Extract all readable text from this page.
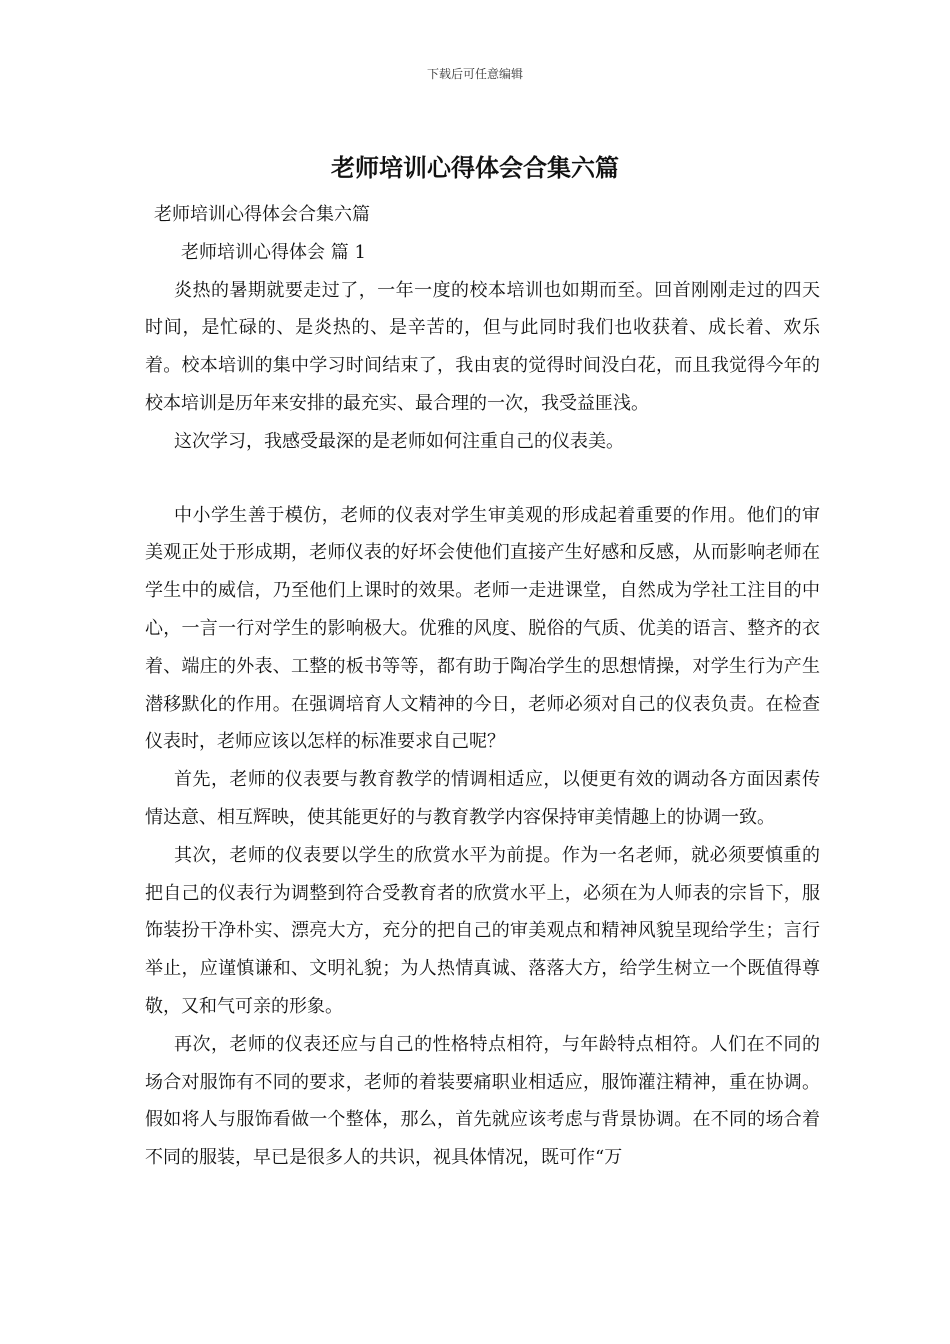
下载后可任意编辑
老师培训心得体会合集六篇

老师培训心得体会合集六篇

老师培训心得体会 篇 1

炎热的暑期就要走过了，一年一度的校本培训也如期而至。回首刚刚走过的四天时间，是忙碌的、是炎热的、是辛苦的，但与此同时我们也收获着、成长着、欢乐着。校本培训的集中学习时间结束了，我由衷的觉得时间没白花，而且我觉得今年的校本培训是历年来安排的最充实、最合理的一次，我受益匪浅。

这次学习，我感受最深的是老师如何注重自己的仪表美。

中小学生善于模仿，老师的仪表对学生审美观的形成起着重要的作用。他们的审美观正处于形成期，老师仪表的好坏会使他们直接产生好感和反感，从而影响老师在学生中的威信，乃至他们上课时的效果。老师一走进课堂，自然成为学社工注目的中心，一言一行对学生的影响极大。优雅的风度、脱俗的气质、优美的语言、整齐的衣着、端庄的外表、工整的板书等等，都有助于陶冶学生的思想情操，对学生行为产生潜移默化的作用。在强调培育人文精神的今日，老师必须对自己的仪表负责。在检查仪表时，老师应该以怎样的标准要求自己呢？

首先，老师的仪表要与教育教学的情调相适应，以便更有效的调动各方面因素传情达意、相互辉映，使其能更好的与教育教学内容保持审美情趣上的协调一致。

其次，老师的仪表要以学生的欣赏水平为前提。作为一名老师，就必须要慎重的把自己的仪表行为调整到符合受教育者的欣赏水平上，必须在为人师表的宗旨下，服饰装扮干净朴实、漂亮大方，充分的把自己的审美观点和精神风貌呈现给学生；言行举止，应谨慎谦和、文明礼貌；为人热情真诚、落落大方，给学生树立一个既值得尊敬，又和气可亲的形象。

再次，老师的仪表还应与自己的性格特点相符，与年龄特点相符。人们在不同的场合对服饰有不同的要求，老师的着装要痛职业相适应，服饰灌注精神，重在协调。假如将人与服饰看做一个整体，那么，首先就应该考虑与背景协调。在不同的场合着不同的服装，早已是很多人的共识，视具体情况，既可作“万
